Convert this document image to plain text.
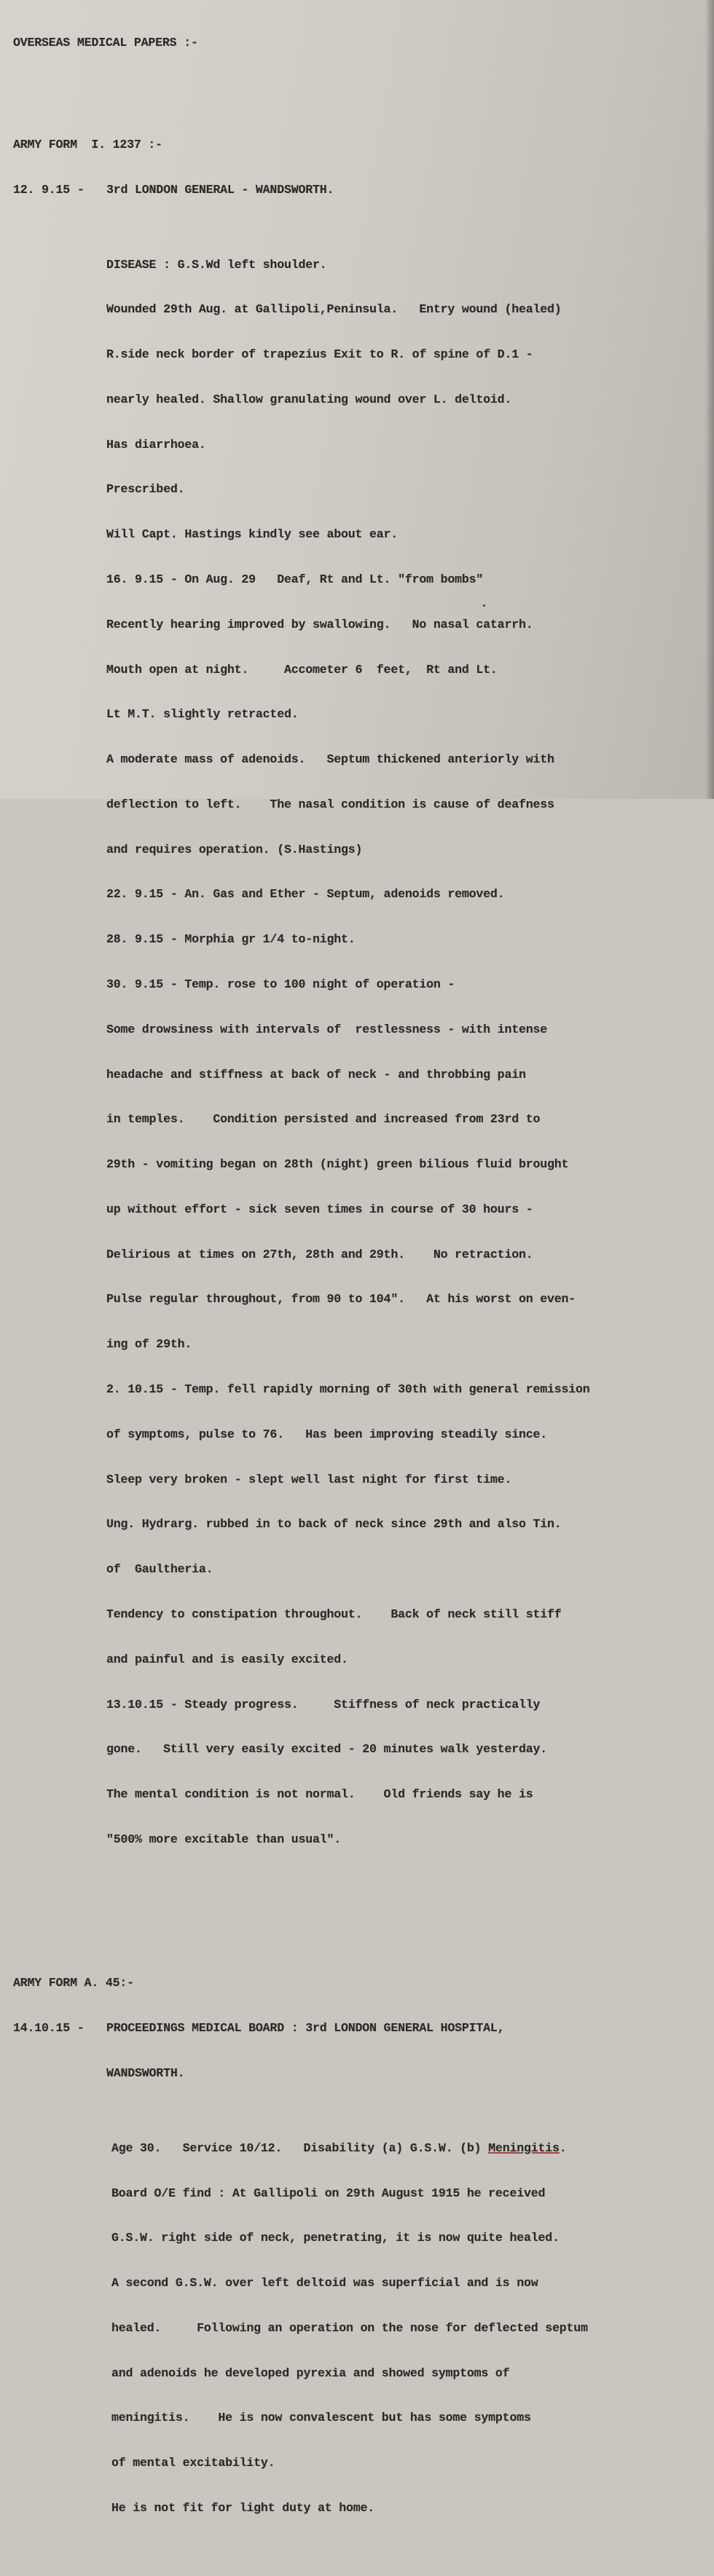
OVERSEAS MEDICAL PAPERS :-

ARMY FORM  I. 1237 :-

12. 9.15 - 3rd LONDON GENERAL - WANDSWORTH.

DISEASE : G.S.Wd left shoulder.

Wounded 29th Aug. at Gallipoli,Peninsula.   Entry wound (healed)

R.side neck border of trapezius Exit to R. of spine of D.1 -

nearly healed. Shallow granulating wound over L. deltoid.

Has diarrhoea.

Prescribed.

Will Capt. Hastings kindly see about ear.

16. 9.15 - On Aug. 29   Deaf, Rt and Lt. "from bombs"

Recently hearing improved by swallowing.   No nasal catarrh.

Mouth open at night.     Accometer 6  feet,  Rt and Lt.

Lt M.T. slightly retracted.

A moderate mass of adenoids.   Septum thickened anteriorly with

deflection to left.    The nasal condition is cause of deafness

and requires operation. (S.Hastings)

22. 9.15 - An. Gas and Ether - Septum, adenoids removed.

28. 9.15 - Morphia gr 1/4 to-night.

30. 9.15 - Temp. rose to 100 night of operation -

Some drowsiness with intervals of  restlessness - with intense

headache and stiffness at back of neck - and throbbing pain

in temples.    Condition persisted and increased from 23rd to

29th - vomiting began on 28th (night) green bilious fluid brought

up without effort - sick seven times in course of 30 hours -

Delirious at times on 27th, 28th and 29th.    No retraction.

Pulse regular throughout, from 90 to 104".   At his worst on even-

ing of 29th.

2. 10.15 - Temp. fell rapidly morning of 30th with general remission

of symptoms, pulse to 76.   Has been improving steadily since.

Sleep very broken - slept well last night for first time.

Ung. Hydrarg. rubbed in to back of neck since 29th and also Tin.

of  Gaultheria.

Tendency to constipation throughout.    Back of neck still stiff

and painful and is easily excited.

13.10.15 - Steady progress.     Stiffness of neck practically

gone.   Still very easily excited - 20 minutes walk yesterday.

The mental condition is not normal.    Old friends say he is

"500% more excitable than usual".

ARMY FORM A. 45:-

14.10.15 - PROCEEDINGS MEDICAL BOARD : 3rd LONDON GENERAL HOSPITAL,

WANDSWORTH.

Age 30.   Service 10/12.   Disability (a) G.S.W. (b) Meningitis.

Board O/E find : At Gallipoli on 29th August 1915 he received

G.S.W. right side of neck, penetrating, it is now quite healed.

A second G.S.W. over left deltoid was superficial and is now

healed.     Following an operation on the nose for deflected septum

and adenoids he developed pyrexia and showed symptoms of

meningitis.    He is now convalescent but has some symptoms

of mental excitability.

He is not fit for light duty at home.
